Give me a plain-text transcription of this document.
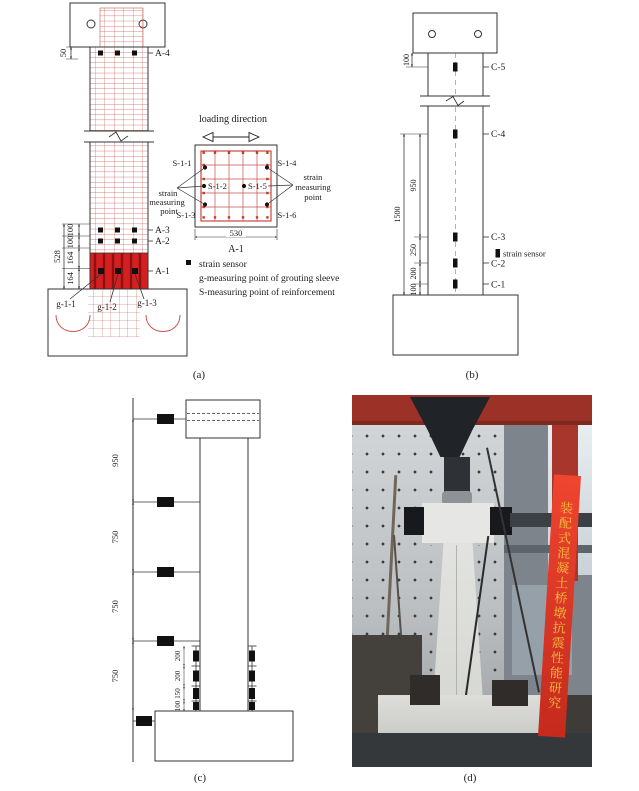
A-4
A-3
A-2
A-1
g-1-1 g-1-2 g-1-3
100
100
164
164
528
50
loading direction
S-1-1
S-1-2
S-1-3
S-1-4
S-1-5
S-1-6
strain
measuring
point
strain
measuring
point
530
A-1
strain sensor
g-measuring point of grouting sleeve
S-measuring point of reinforcement
C-5
C-4
C-3
C-2
C-1
strain sensor
100
950
250
200
100
1500
950
750
750
750
200
200
150
100
(a)	(b)
(c)	(d)
装配式混凝土桥墩抗震性能研究
